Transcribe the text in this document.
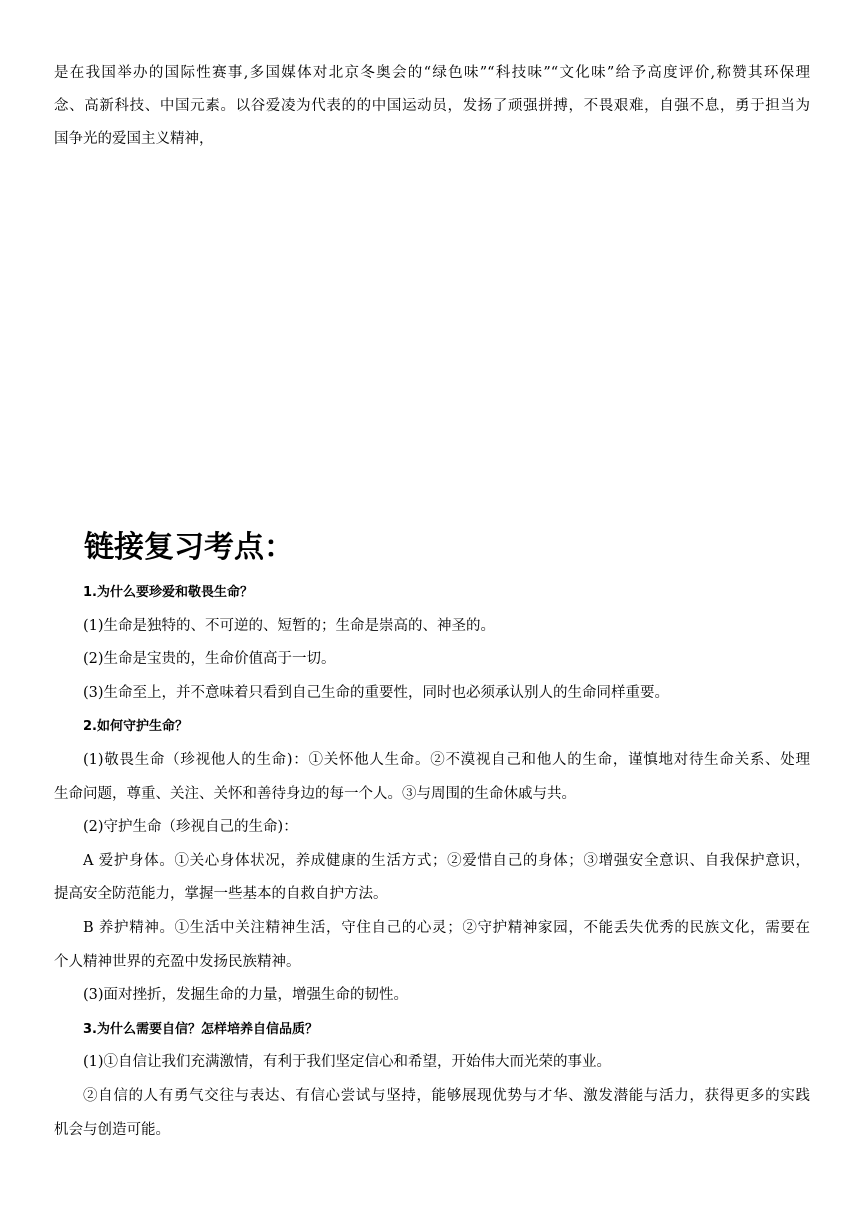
是在我国举办的国际性赛事,多国媒体对北京冬奥会的“绿色味”“科技味”“文化味”给予高度评价,称赞其环保理

念、高新科技、中国元素。以谷爱凌为代表的的中国运动员，发扬了顽强拼搏，不畏艰难，自强不息，勇于担当为

国争光的爱国主义精神，

链接复习考点：
1.为什么要珍爱和敬畏生命？
(1)生命是独特的、不可逆的、短暂的；生命是崇高的、神圣的。
(2)生命是宝贵的，生命价值高于一切。
(3)生命至上，并不意味着只看到自己生命的重要性，同时也必须承认别人的生命同样重要。
2.如何守护生命？
(1)敬畏生命（珍视他人的生命)：①关怀他人生命。②不漠视自己和他人的生命，谨慎地对待生命关系、处理
生命问题，尊重、关注、关怀和善待身边的每一个人。③与周围的生命休戚与共。
(2)守护生命（珍视自己的生命)：
A 爱护身体。①关心身体状况，养成健康的生活方式；②爱惜自己的身体；③增强安全意识、自我保护意识，
提高安全防范能力，掌握一些基本的自救自护方法。
B 养护精神。①生活中关注精神生活，守住自己的心灵；②守护精神家园，不能丢失优秀的民族文化，需要在
个人精神世界的充盈中发扬民族精神。
(3)面对挫折，发掘生命的力量，增强生命的韧性。
3.为什么需要自信？怎样培养自信品质？
(1)①自信让我们充满激情，有利于我们坚定信心和希望，开始伟大而光荣的事业。
②自信的人有勇气交往与表达、有信心尝试与坚持，能够展现优势与才华、激发潜能与活力，获得更多的实践
机会与创造可能。
